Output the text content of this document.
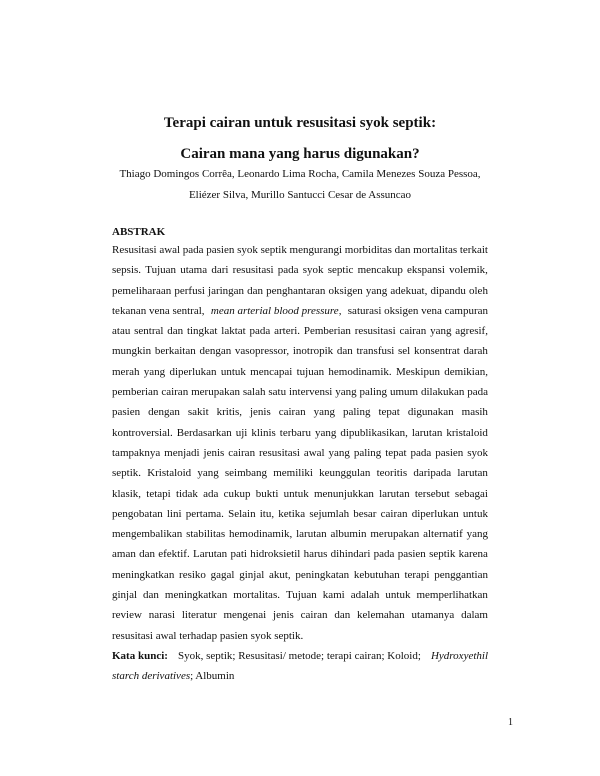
Terapi cairan untuk resusitasi syok septik:
Cairan mana yang harus digunakan?
Thiago Domingos Corrêa, Leonardo Lima Rocha, Camila Menezes Souza Pessoa,
Eliézer Silva, Murillo Santucci Cesar de Assuncao
ABSTRAK
Resusitasi awal pada pasien syok septik mengurangi morbiditas dan mortalitas terkait
sepsis. Tujuan utama dari resusitasi pada syok septic mencakup ekspansi volemik,
pemeliharaan perfusi jaringan dan penghantaran oksigen yang adekuat, dipandu oleh
tekanan vena sentral, mean arterial blood pressure, saturasi oksigen vena campuran
atau sentral dan tingkat laktat pada arteri. Pemberian resusitasi cairan yang agresif,
mungkin berkaitan dengan vasopressor, inotropik dan transfusi sel konsentrat darah
merah yang diperlukan untuk mencapai tujuan hemodinamik. Meskipun demikian,
pemberian cairan merupakan salah satu intervensi yang paling umum dilakukan pada
pasien dengan sakit kritis, jenis cairan yang paling tepat digunakan masih
kontroversial. Berdasarkan uji klinis terbaru yang dipublikasikan, larutan kristaloid
tampaknya menjadi jenis cairan resusitasi awal yang paling tepat pada pasien syok
septik. Kristaloid yang seimbang memiliki keunggulan teoritis daripada larutan
klasik, tetapi tidak ada cukup bukti untuk menunjukkan larutan tersebut sebagai
pengobatan lini pertama. Selain itu, ketika sejumlah besar cairan diperlukan untuk
mengembalikan stabilitas hemodinamik, larutan albumin merupakan alternatif yang
aman dan efektif. Larutan pati hidroksietil harus dihindari pada pasien septik karena
meningkatkan resiko gagal ginjal akut, peningkatan kebutuhan terapi penggantian
ginjal dan meningkatkan mortalitas. Tujuan kami adalah untuk memperlihatkan
review narasi literatur mengenai jenis cairan dan kelemahan utamanya dalam
resusitasi awal terhadap pasien syok septik.
Kata kunci: Syok, septik; Resusitasi/ metode; terapi cairan; Koloid; Hydroxyethil
starch derivatives; Albumin
1
